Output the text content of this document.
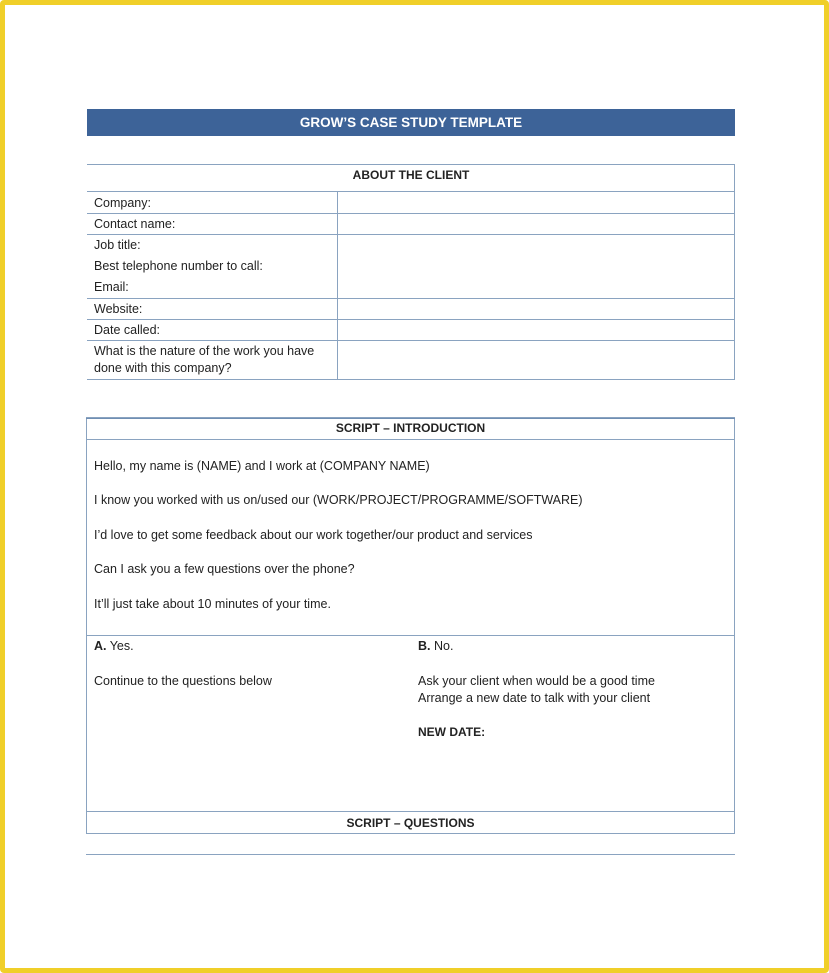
GROW’S CASE STUDY TEMPLATE
ABOUT THE CLIENT
Company:
Contact name:
Job title:
Best telephone number to call:
Email:
Website:
Date called:
What is the nature of the work you have
done with this company?
SCRIPT – INTRODUCTION
Hello, my name is (NAME) and I work at (COMPANY NAME)
I know you worked with us on/used our (WORK/PROJECT/PROGRAMME/SOFTWARE)
I’d love to get some feedback about our work together/our product and services
Can I ask you a few questions over the phone?
It’ll just take about 10 minutes of your time.
A. Yes.
Continue to the questions below
B. No.
Ask your client when would be a good time
Arrange a new date to talk with your client
NEW DATE:
SCRIPT – QUESTIONS
